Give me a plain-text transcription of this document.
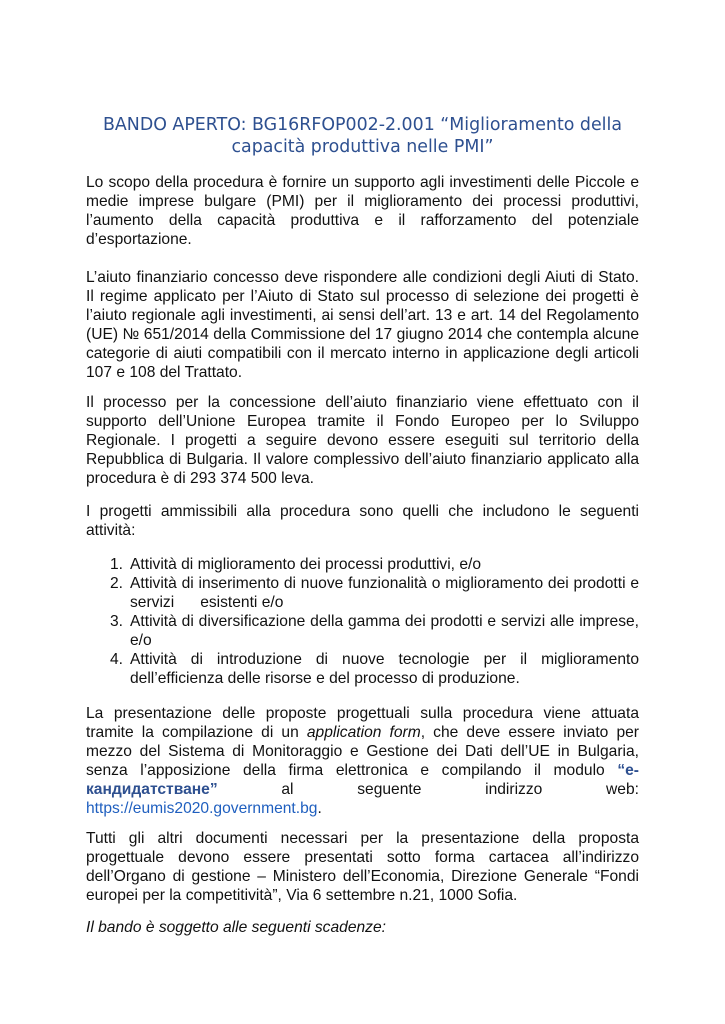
BANDO APERTO: BG16RFOP002-2.001 “Miglioramento della
capacità produttiva nelle PMI”

Lo scopo della procedura è fornire un supporto agli investimenti delle Piccole e medie imprese bulgare (PMI) per il miglioramento dei processi produttivi, l’aumento della capacità produttiva e il rafforzamento del potenziale d’esportazione.

L’aiuto finanziario concesso deve rispondere alle condizioni degli Aiuti di Stato. Il regime applicato per l’Aiuto di Stato sul processo di selezione dei progetti è l’aiuto regionale agli investimenti, ai sensi dell’art. 13 e art. 14 del Regolamento (UE) № 651/2014 della Commissione del 17 giugno 2014 che contempla alcune categorie di aiuti compatibili con il mercato interno in applicazione degli articoli 107 e 108 del Trattato.

Il processo per la concessione dell’aiuto finanziario viene effettuato con il supporto dell’Unione Europea tramite il Fondo Europeo per lo Sviluppo Regionale. I progetti a seguire devono essere eseguiti sul territorio della Repubblica di Bulgaria. Il valore complessivo dell’aiuto finanziario applicato alla procedura è di 293 374 500 leva.

I progetti ammissibili alla procedura sono quelli che includono le seguenti attività:

1. Attività di miglioramento dei processi produttivi, e/o
2. Attività di inserimento di nuove funzionalità o miglioramento dei prodotti e servizi esistenti e/o
3. Attività di diversificazione della gamma dei prodotti e servizi alle imprese, e/o
4. Attività di introduzione di nuove tecnologie per il miglioramento dell’efficienza delle risorse e del processo di produzione.

La presentazione delle proposte progettuali sulla procedura viene attuata tramite la compilazione di un application form, che deve essere inviato per mezzo del Sistema di Monitoraggio e Gestione dei Dati dell’UE in Bulgaria, senza l’apposizione della firma elettronica e compilando il modulo “e-кандидатстване” al seguente indirizzo web: https://eumis2020.government.bg.

Tutti gli altri documenti necessari per la presentazione della proposta progettuale devono essere presentati sotto forma cartacea all’indirizzo dell’Organo di gestione – Ministero dell’Economia, Direzione Generale “Fondi europei per la competitività”, Via 6 settembre n.21, 1000 Sofia.

Il bando è soggetto alle seguenti scadenze:
